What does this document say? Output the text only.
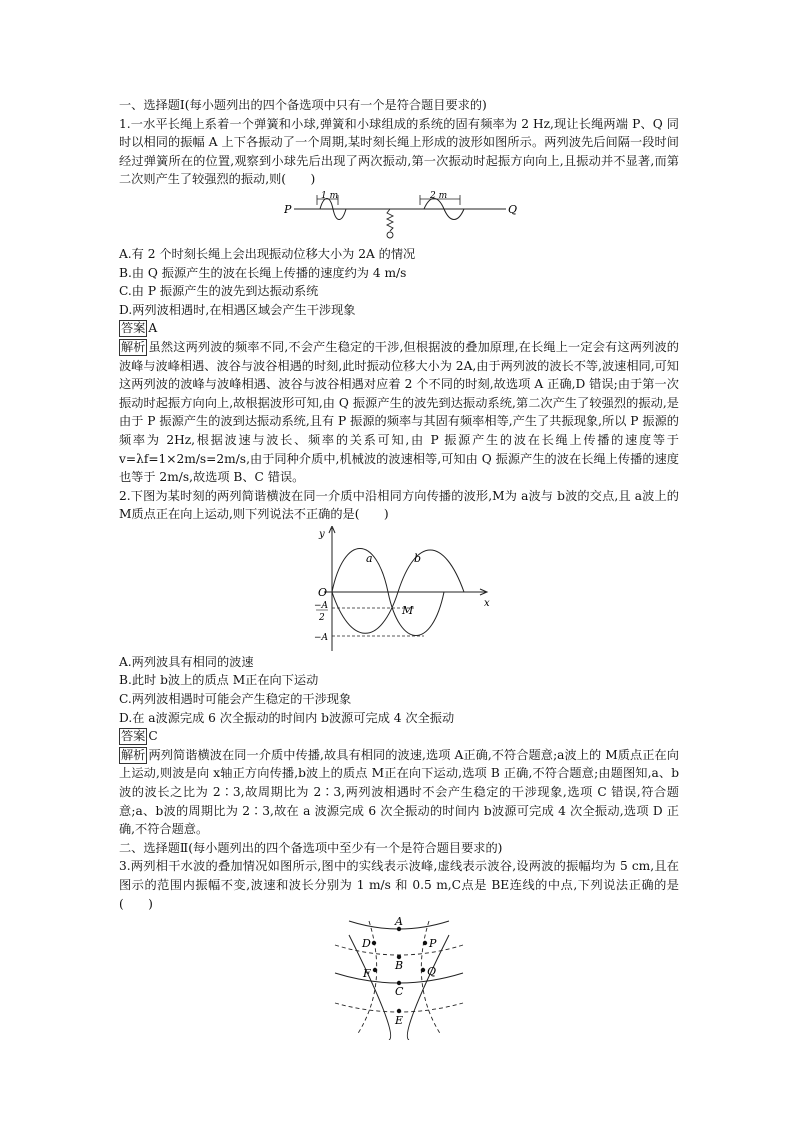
一、选择题Ⅰ(每小题列出的四个备选项中只有一个是符合题目要求的)

1.一水平长绳上系着一个弹簧和小球,弹簧和小球组成的系统的固有频率为 2 Hz,现让长绳两端 P、Q 同时以相同的振幅 A 上下各振动了一个周期,某时刻长绳上形成的波形如图所示。两列波先后间隔一段时间经过弹簧所在的位置,观察到小球先后出现了两次振动,第一次振动时起振方向向上,且振动并不显著,而第二次则产生了较强烈的振动,则(　　)

1 m	2 m
P	Q

A.有 2 个时刻长绳上会出现振动位移大小为 2A 的情况

B.由 Q 振源产生的波在长绳上传播的速度约为 4 m/s

C.由 P 振源产生的波先到达振动系统

D.两列波相遇时,在相遇区域会产生干涉现象

答案 A

解析 虽然这两列波的频率不同,不会产生稳定的干涉,但根据波的叠加原理,在长绳上一定会有这两列波的波峰与波峰相遇、波谷与波谷相遇的时刻,此时振动位移大小为 2A,由于两列波的波长不等,波速相同,可知这两列波的波峰与波峰相遇、波谷与波谷相遇对应着 2 个不同的时刻,故选项 A 正确,D 错误;由于第一次振动时起振方向向上,故根据波形可知,由 Q 振源产生的波先到达振动系统,第二次产生了较强烈的振动,是由于 P 振源产生的波到达振动系统,且有 P 振源的频率与其固有频率相等,产生了共振现象,所以 P 振源的频率为 2Hz,根据波速与波长、频率的关系可知,由 P 振源产生的波在长绳上传播的速度等于 v=λf=1×2m/s=2m/s,由于同种介质中,机械波的波速相等,可知由 Q 振源产生的波在长绳上传播的速度也等于 2m/s,故选项 B、C 错误。

2.下图为某时刻的两列简谐横波在同一介质中沿相同方向传播的波形,M为 a波与 b波的交点,且 a波上的 M质点正在向上运动,则下列说法不正确的是(　　)

y
x
O
a	b
M
−A
2
−A

A.两列波具有相同的波速

B.此时 b波上的质点 M正在向下运动

C.两列波相遇时可能会产生稳定的干涉现象

D.在 a波源完成 6 次全振动的时间内 b波源可完成 4 次全振动

答案 C

解析 两列简谐横波在同一介质中传播,故具有相同的波速,选项 A正确,不符合题意;a波上的 M质点正在向上运动,则波是向 x轴正方向传播,b波上的质点 M正在向下运动,选项 B 正确,不符合题意;由题图知,a、b波的波长之比为 2∶3,故周期比为 2∶3,两列波相遇时不会产生稳定的干涉现象,选项 C 错误,符合题意;a、b波的周期比为 2∶3,故在 a 波源完成 6 次全振动的时间内 b波源可完成 4 次全振动,选项 D 正确,不符合题意。

二、选择题Ⅱ(每小题列出的四个备选项中至少有一个是符合题目要求的)

3.两列相干水波的叠加情况如图所示,图中的实线表示波峰,虚线表示波谷,设两波的振幅均为 5 cm,且在图示的范围内振幅不变,波速和波长分别为 1 m/s 和 0.5 m,C点是 BE连线的中点,下列说法正确的是(　　)

A
D	P
B
F
C
Q
E
